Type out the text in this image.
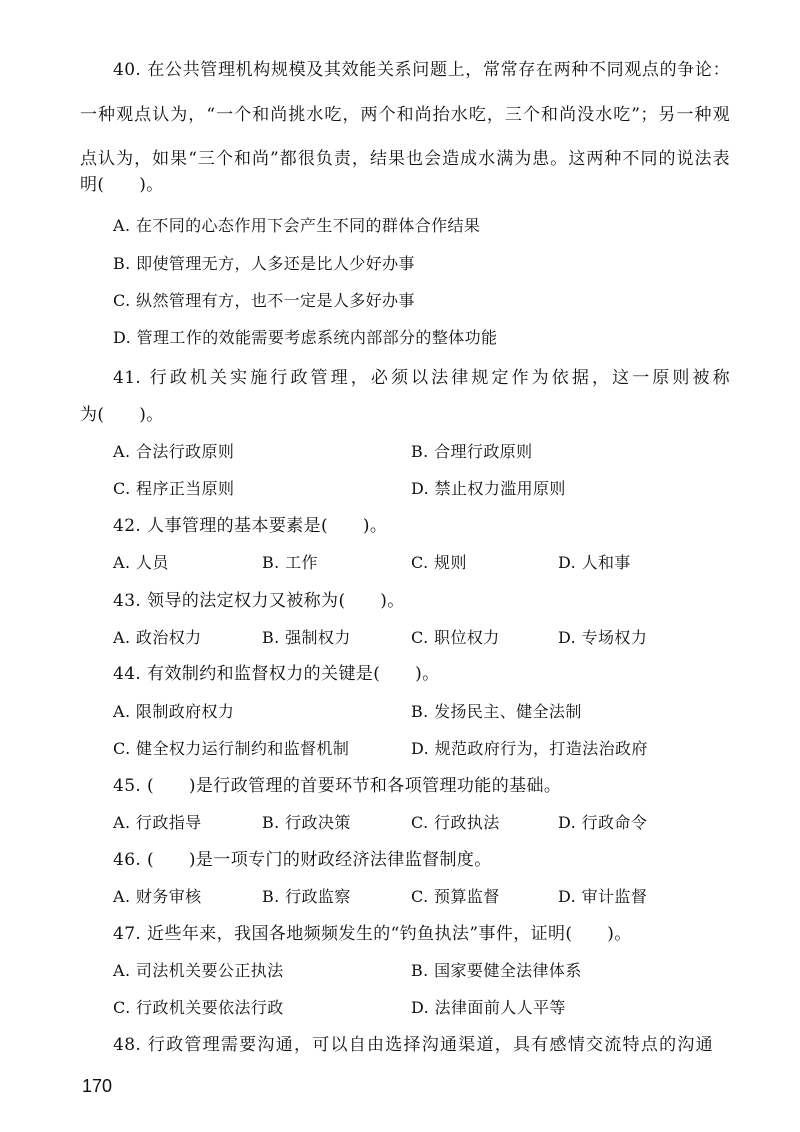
40. 在公共管理机构规模及其效能关系问题上，常常存在两种不同观点的争论：
一种观点认为，“一个和尚挑水吃，两个和尚抬水吃，三个和尚没水吃”；另一种观
点认为，如果“三个和尚”都很负责，结果也会造成水满为患。这两种不同的说法表
明(　　)。
A. 在不同的心态作用下会产生不同的群体合作结果
B. 即使管理无方，人多还是比人少好办事
C. 纵然管理有方，也不一定是人多好办事
D. 管理工作的效能需要考虑系统内部部分的整体功能
41. 行政机关实施行政管理，必须以法律规定作为依据，这一原则被称
为(　　)。
A. 合法行政原则	B. 合理行政原则
C. 程序正当原则	D. 禁止权力滥用原则
42. 人事管理的基本要素是(　　)。
A. 人员	B. 工作	C. 规则	D. 人和事
43. 领导的法定权力又被称为(　　)。
A. 政治权力	B. 强制权力	C. 职位权力	D. 专场权力
44. 有效制约和监督权力的关键是(　　)。
A. 限制政府权力	B. 发扬民主、健全法制
C. 健全权力运行制约和监督机制	D. 规范政府行为，打造法治政府
45. (　　)是行政管理的首要环节和各项管理功能的基础。
A. 行政指导	B. 行政决策	C. 行政执法	D. 行政命令
46. (　　)是一项专门的财政经济法律监督制度。
A. 财务审核	B. 行政监察	C. 预算监督	D. 审计监督
47. 近些年来，我国各地频频发生的“钓鱼执法”事件，证明(　　)。
A. 司法机关要公正执法	B. 国家要健全法律体系
C. 行政机关要依法行政	D. 法律面前人人平等
48. 行政管理需要沟通，可以自由选择沟通渠道，具有感情交流特点的沟通
170
